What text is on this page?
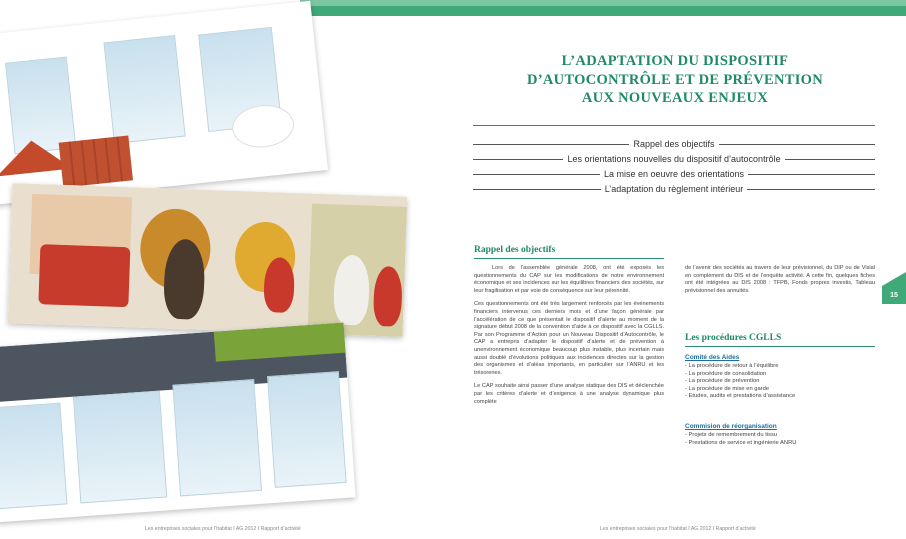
L’ADAPTATION DU DISPOSITIF
D’AUTOCONTRÔLE ET DE PRÉVENTION
AUX NOUVEAUX ENJEUX
Rappel des objectifs
Les orientations nouvelles du dispositif d’autocontrôle
La mise en oeuvre des orientations
L’adaptation du règlement intérieur
Rappel des objectifs

Lors de l’assemblée générale 2008, ont été exposés les questionnements du CAP sur les modifications de notre environnement économique et ses incidences sur les équilibres financiers des sociétés, sur leur fragilisation et par voie de conséquence sur leur pérennité.

Ces questionnements ont été très largement renforcés par les événements financiers intervenus ces derniers mois et d’une façon générale par l’accélération de ce que présentait le dispositif d’alerte au moment de la signature début 2008 de la convention d’aide à ce dispositif avec la CGLLS. Par son Programme d’Action pour un Nouveau Dispositif d’Autocontrôle, le CAP a entrepris d’adapter le dispositif d’alerte et de prévention à unenvironnement économique beaucoup plus instable, plus incertain mais aussi doublé d’évolutions politiques aux incidences directes sur la gestion des organismes et d’aléas importants, en particulier sur l’ANRU et les trésoreries.

Le CAP souhaite ainsi passer d’une analyse statique des DIS et déclenchée par les critères d’alerte et d’exigence à une analyse dynamique plus complète

de l’avenir des sociétés au travers de leur prévisionnel, du DIP ou de Visial en complément du DIS et de l’enquête activité. A cette fin, quelques fiches ont été intégrées au DIS 2008 : TFPB, Fonds propres investis, Tableau prévisionnel des annuités.

Les procédures CGLLS
Comité des Aides
- La procédure de retour à l’équilibre
- La procédure de consolidation
- La procédure de prévention
- La procédure de mise en garde
- Etudes, audits et prestations d’assistance
Commision de réorganisation
- Projets de remembrement du tissu
- Prestations de service et ingénierie ANRU
15
Les entreprises sociales pour l’habitat I AG 2012 I Rapport d’activité	Les entreprises sociales pour l’habitat I AG 2012 I Rapport d’activité
